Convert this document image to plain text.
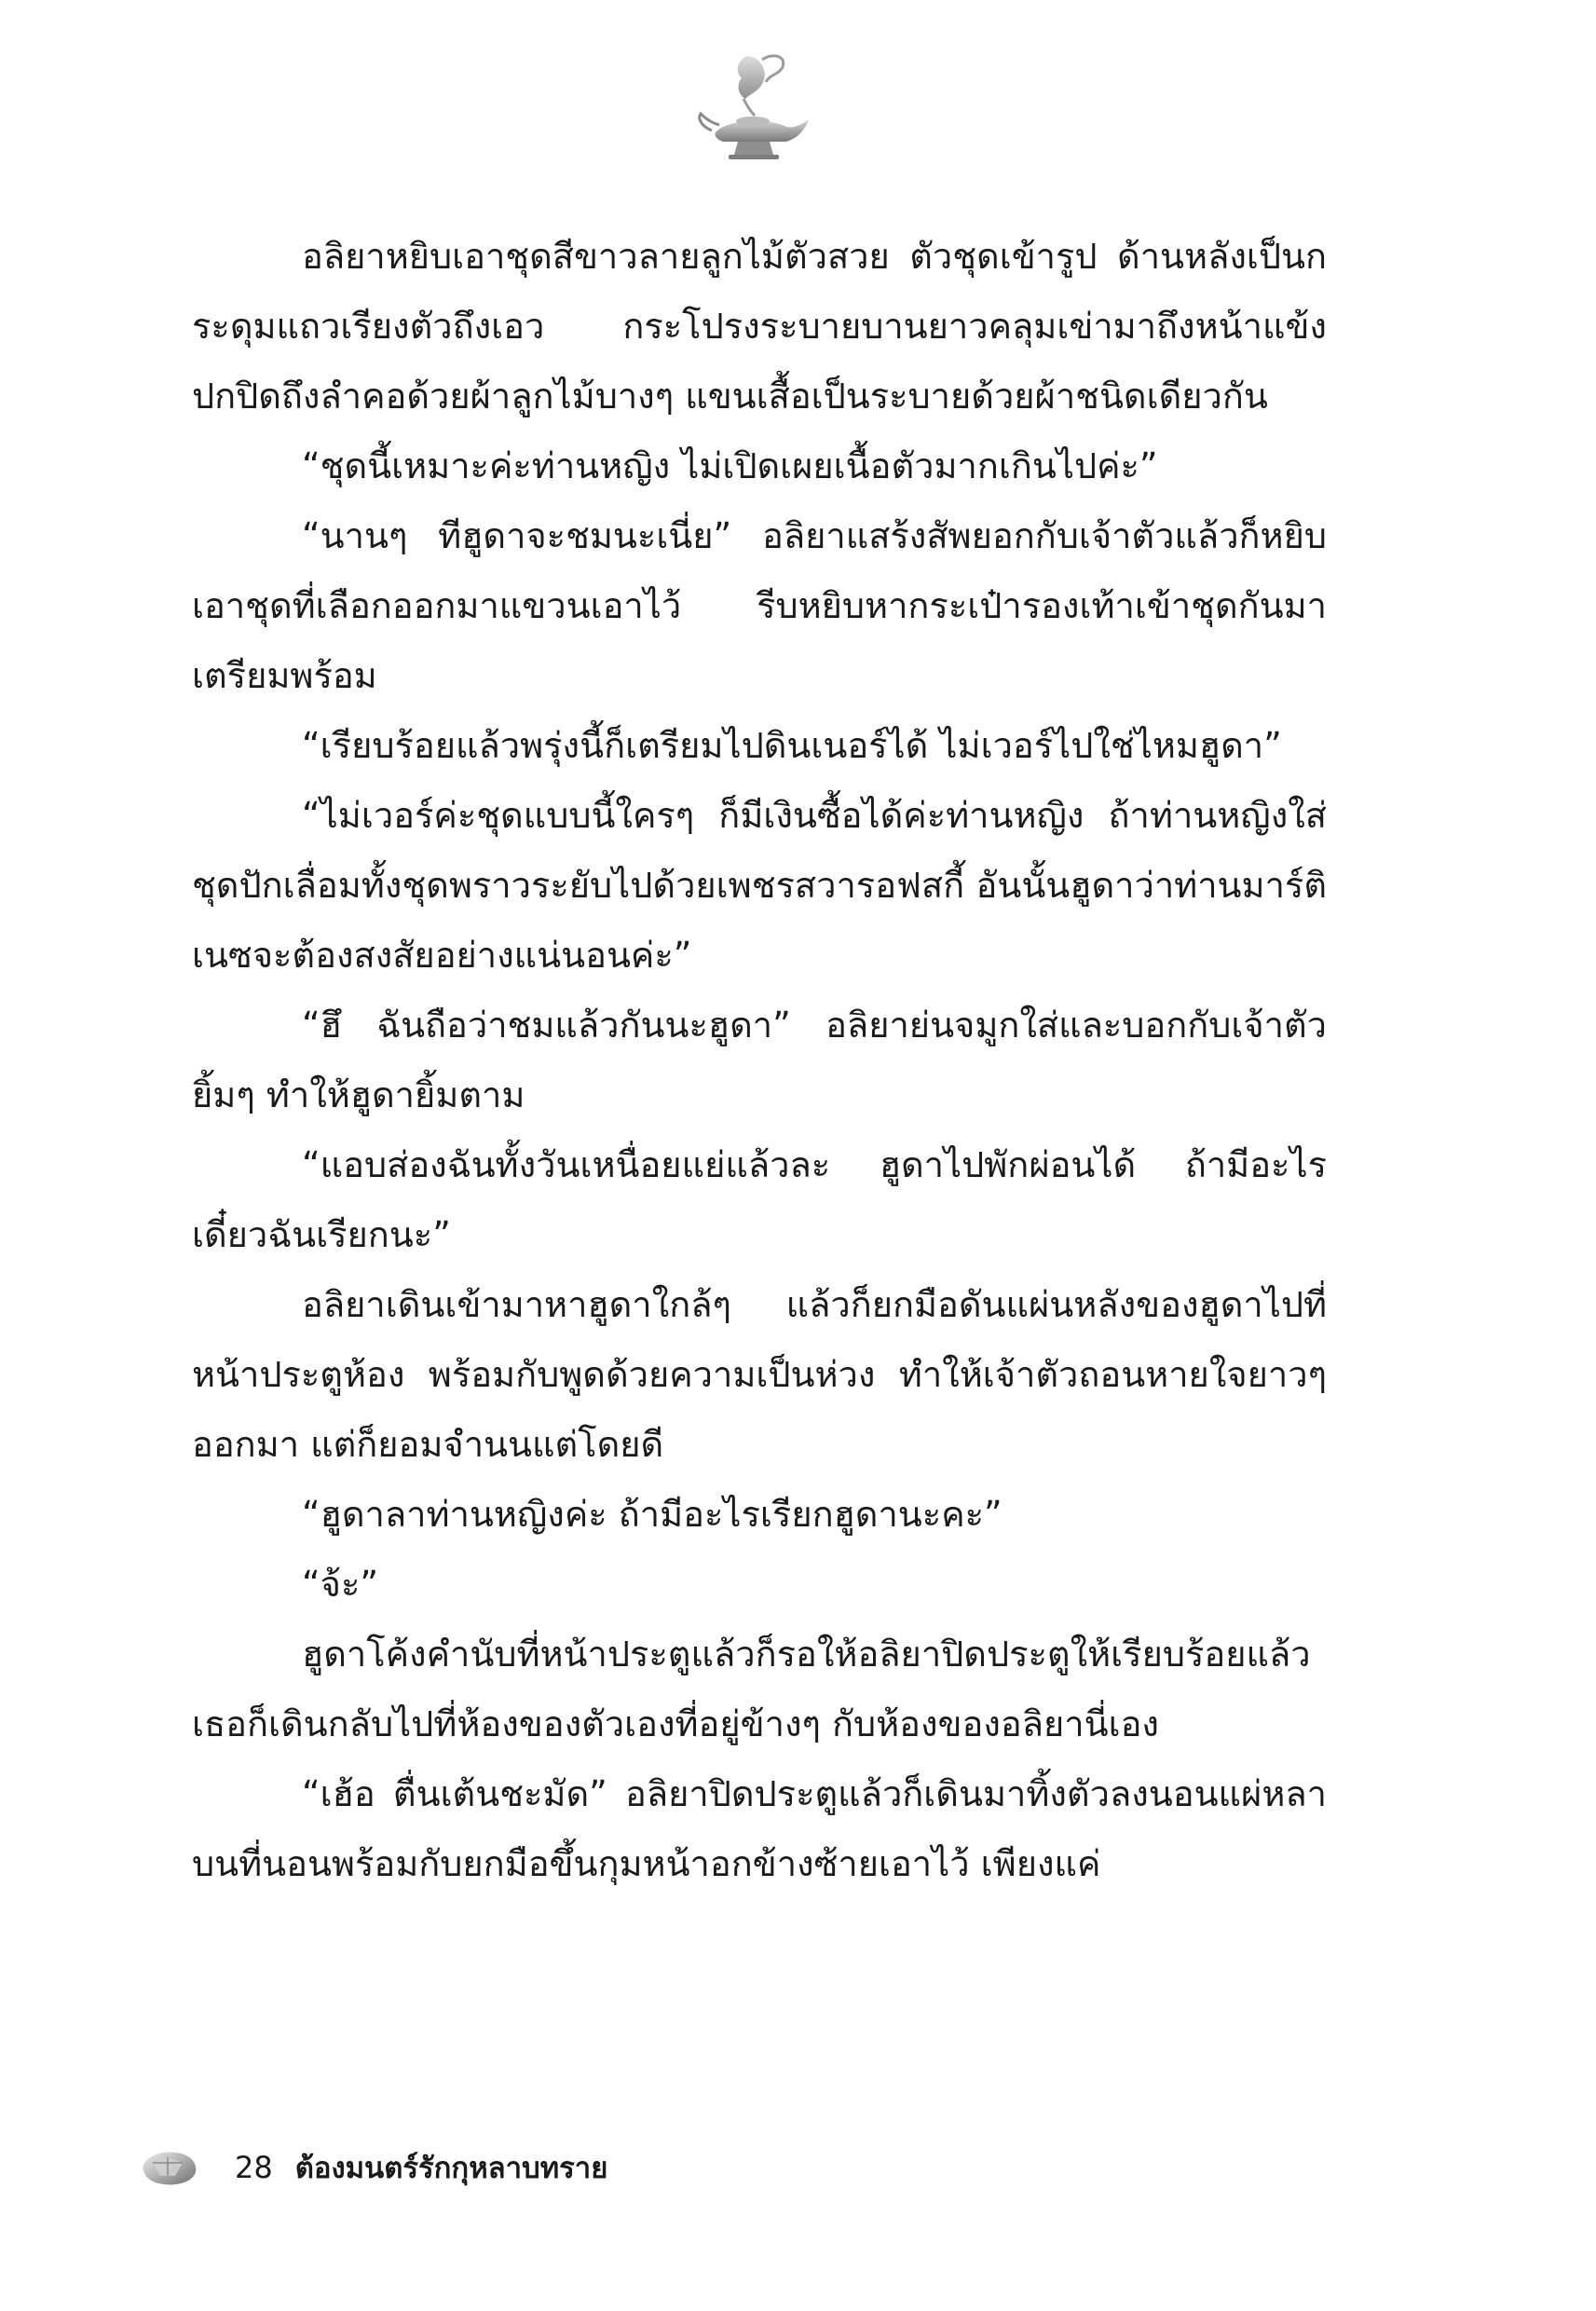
อลิยาหยิบเอาชุดสีขาวลายลูกไม้ตัวสวย ตัวชุดเข้ารูป ด้านหลังเป็นกระดุมแถวเรียงตัวถึงเอว กระโปรงระบายบานยาวคลุมเข่ามาถึงหน้าแข้ง ปกปิดถึงลำคอด้วยผ้าลูกไม้บางๆ แขนเสื้อเป็นระบายด้วยผ้าชนิดเดียวกัน

“ชุดนี้เหมาะค่ะท่านหญิง ไม่เปิดเผยเนื้อตัวมากเกินไปค่ะ”

“นานๆ ทีฮูดาจะชมนะเนี่ย” อลิยาแสร้งสัพยอกกับเจ้าตัวแล้วก็หยิบเอาชุดที่เลือกออกมาแขวนเอาไว้ รีบหยิบหากระเป๋ารองเท้าเข้าชุดกันมาเตรียมพร้อม

“เรียบร้อยแล้วพรุ่งนี้ก็เตรียมไปดินเนอร์ได้ ไม่เวอร์ไปใช่ไหมฮูดา”

“ไม่เวอร์ค่ะชุดแบบนี้ใครๆ ก็มีเงินซื้อได้ค่ะท่านหญิง ถ้าท่านหญิงใส่ชุดปักเลื่อมทั้งชุดพราวระยับไปด้วยเพชรสวารอฟสกี้ อันนั้นฮูดาว่าท่านมาร์ติเนซจะต้องสงสัยอย่างแน่นอนค่ะ”

“ฮึ ฉันถือว่าชมแล้วกันนะฮูดา” อลิยาย่นจมูกใส่และบอกกับเจ้าตัวยิ้มๆ ทำให้ฮูดายิ้มตาม

“แอบส่องฉันทั้งวันเหนื่อยแย่แล้วละ ฮูดาไปพักผ่อนได้ ถ้ามีอะไรเดี๋ยวฉันเรียกนะ”

อลิยาเดินเข้ามาหาฮูดาใกล้ๆ แล้วก็ยกมือดันแผ่นหลังของฮูดาไปที่หน้าประตูห้อง พร้อมกับพูดด้วยความเป็นห่วง ทำให้เจ้าตัวถอนหายใจยาวๆ ออกมา แต่ก็ยอมจำนนแต่โดยดี

“ฮูดาลาท่านหญิงค่ะ ถ้ามีอะไรเรียกฮูดานะคะ”

“จ้ะ”

ฮูดาโค้งคำนับที่หน้าประตูแล้วก็รอให้อลิยาปิดประตูให้เรียบร้อยแล้วเธอก็เดินกลับไปที่ห้องของตัวเองที่อยู่ข้างๆ กับห้องของอลิยานี่เอง

“เฮ้อ ตื่นเต้นชะมัด” อลิยาปิดประตูแล้วก็เดินมาทิ้งตัวลงนอนแผ่หลาบนที่นอนพร้อมกับยกมือขึ้นกุมหน้าอกข้างซ้ายเอาไว้ เพียงแค่

28 ต้องมนตร์รักกุหลาบทราย
